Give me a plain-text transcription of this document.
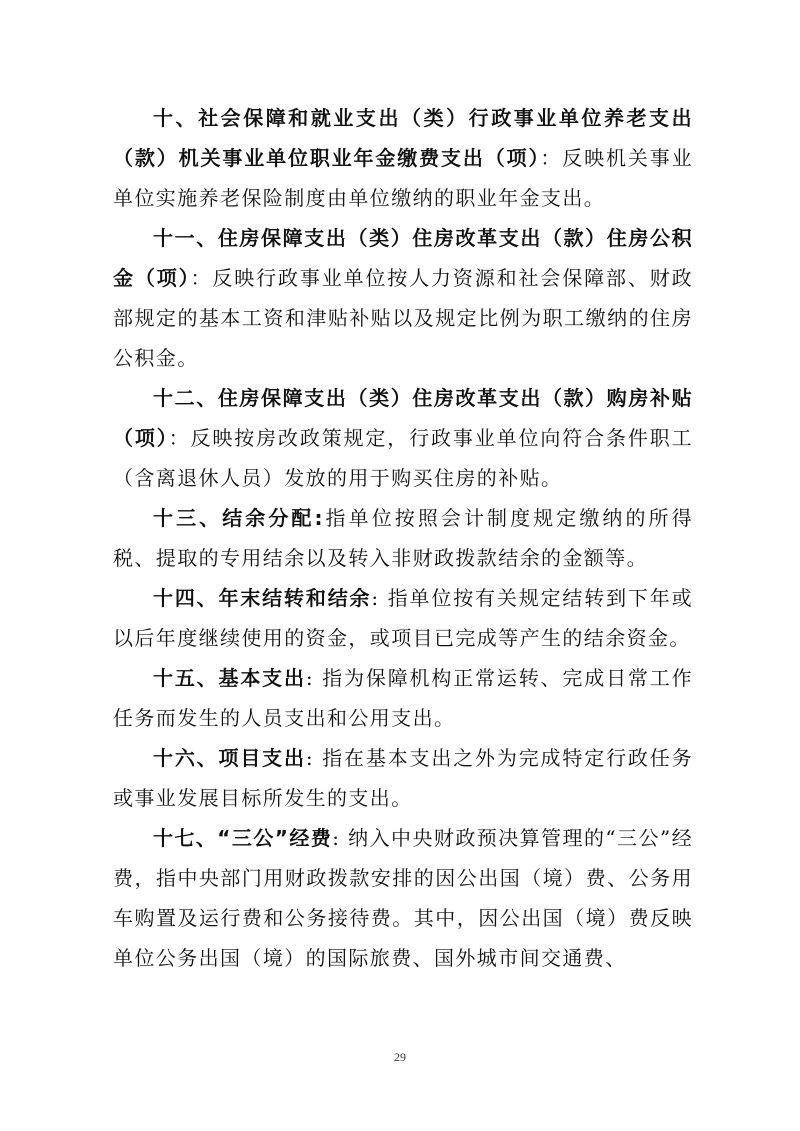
十、社会保障和就业支出（类）行政事业单位养老支出（款）机关事业单位职业年金缴费支出（项）：反映机关事业单位实施养老保险制度由单位缴纳的职业年金支出。

十一、住房保障支出（类）住房改革支出（款）住房公积金（项）：反映行政事业单位按人力资源和社会保障部、财政部规定的基本工资和津贴补贴以及规定比例为职工缴纳的住房公积金。

十二、住房保障支出（类）住房改革支出（款）购房补贴（项）：反映按房改政策规定，行政事业单位向符合条件职工（含离退休人员）发放的用于购买住房的补贴。

十三、结余分配:指单位按照会计制度规定缴纳的所得税、提取的专用结余以及转入非财政拨款结余的金额等。

十四、年末结转和结余: 指单位按有关规定结转到下年或以后年度继续使用的资金，或项目已完成等产生的结余资金。

十五、基本支出: 指为保障机构正常运转、完成日常工作任务而发生的人员支出和公用支出。

十六、项目支出: 指在基本支出之外为完成特定行政任务或事业发展目标所发生的支出。

十七、“三公”经费: 纳入中央财政预决算管理的“三公”经费，指中央部门用财政拨款安排的因公出国（境）费、公务用车购置及运行费和公务接待费。其中，因公出国（境）费反映单位公务出国（境）的国际旅费、国外城市间交通费、

29
